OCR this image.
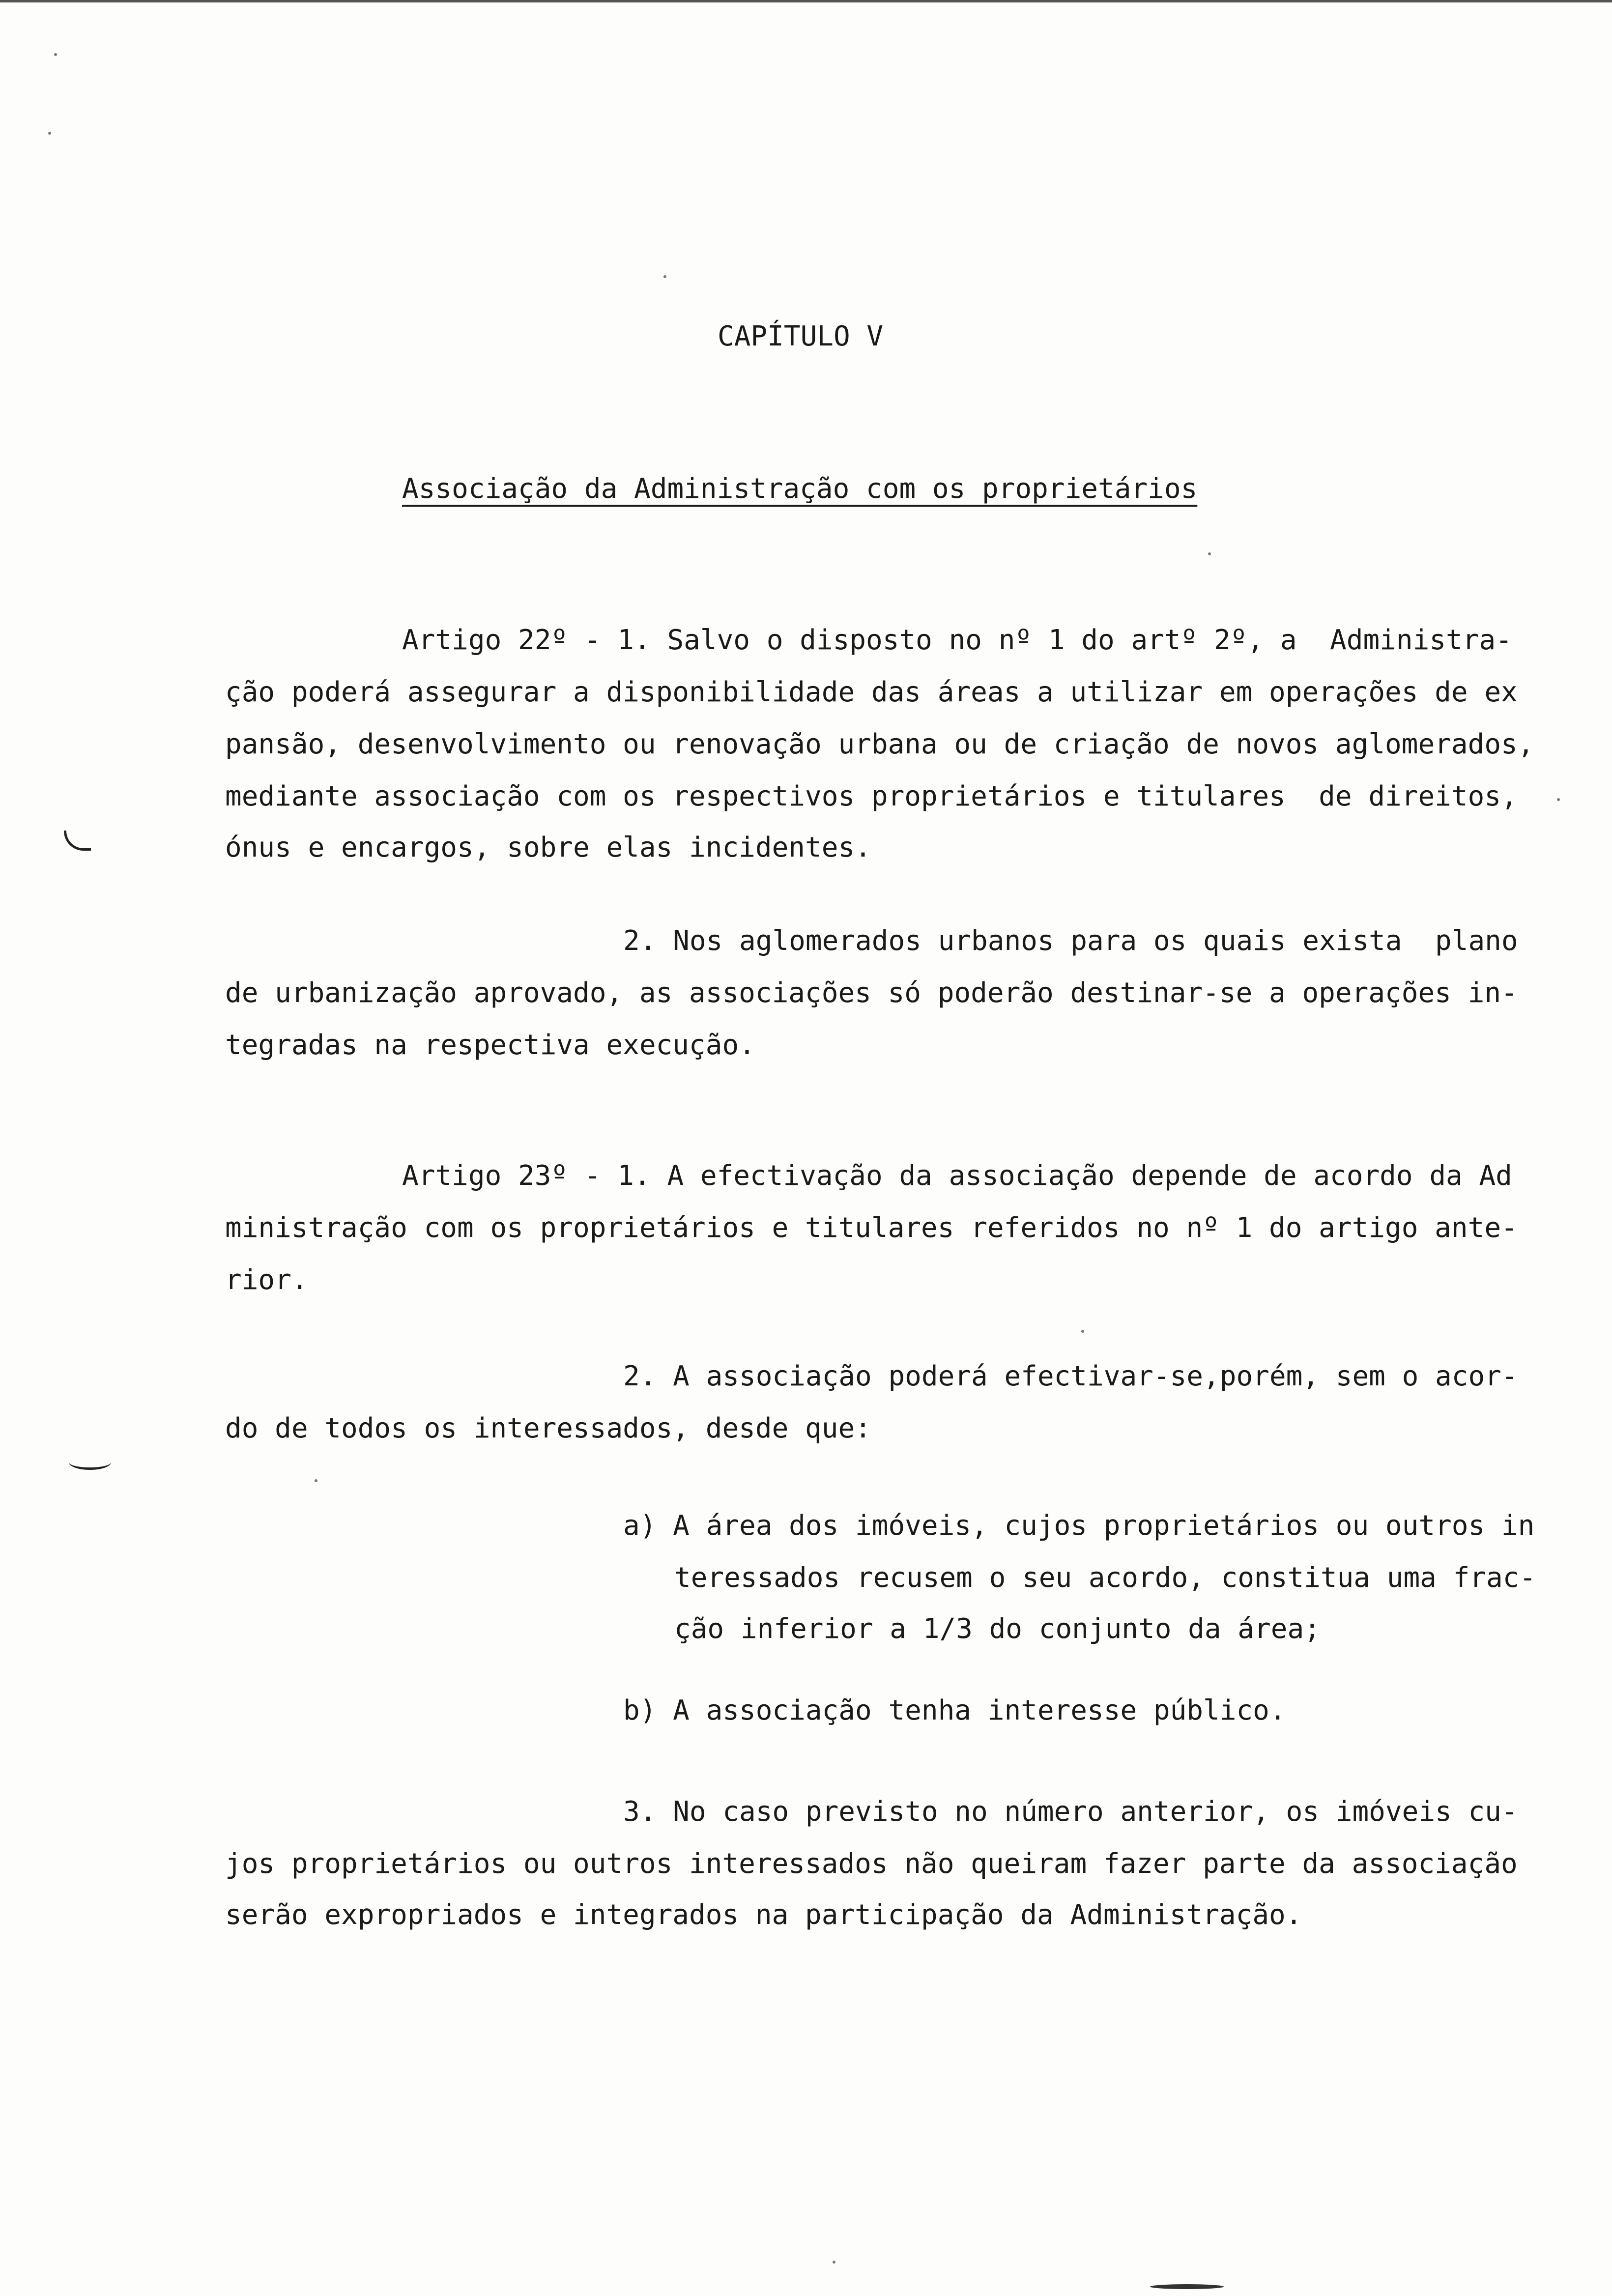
CAPÍTULO V
Associação da Administração com os proprietários
Artigo 22º - 1. Salvo o disposto no nº 1 do artº 2º, a  Administra-
ção poderá assegurar a disponibilidade das áreas a utilizar em operações de ex
pansão, desenvolvimento ou renovação urbana ou de criação de novos aglomerados,
mediante associação com os respectivos proprietários e titulares  de direitos,
ónus e encargos, sobre elas incidentes.
2. Nos aglomerados urbanos para os quais exista  plano
de urbanização aprovado, as associações só poderão destinar-se a operações in-
tegradas na respectiva execução.
Artigo 23º - 1. A efectivação da associação depende de acordo da Ad
ministração com os proprietários e titulares referidos no nº 1 do artigo ante-
rior.
2. A associação poderá efectivar-se,porém, sem o acor-
do de todos os interessados, desde que:
a) A área dos imóveis, cujos proprietários ou outros in
teressados recusem o seu acordo, constitua uma frac-
ção inferior a 1/3 do conjunto da área;
b) A associação tenha interesse público.
3. No caso previsto no número anterior, os imóveis cu-
jos proprietários ou outros interessados não queiram fazer parte da associação
serão expropriados e integrados na participação da Administração.
